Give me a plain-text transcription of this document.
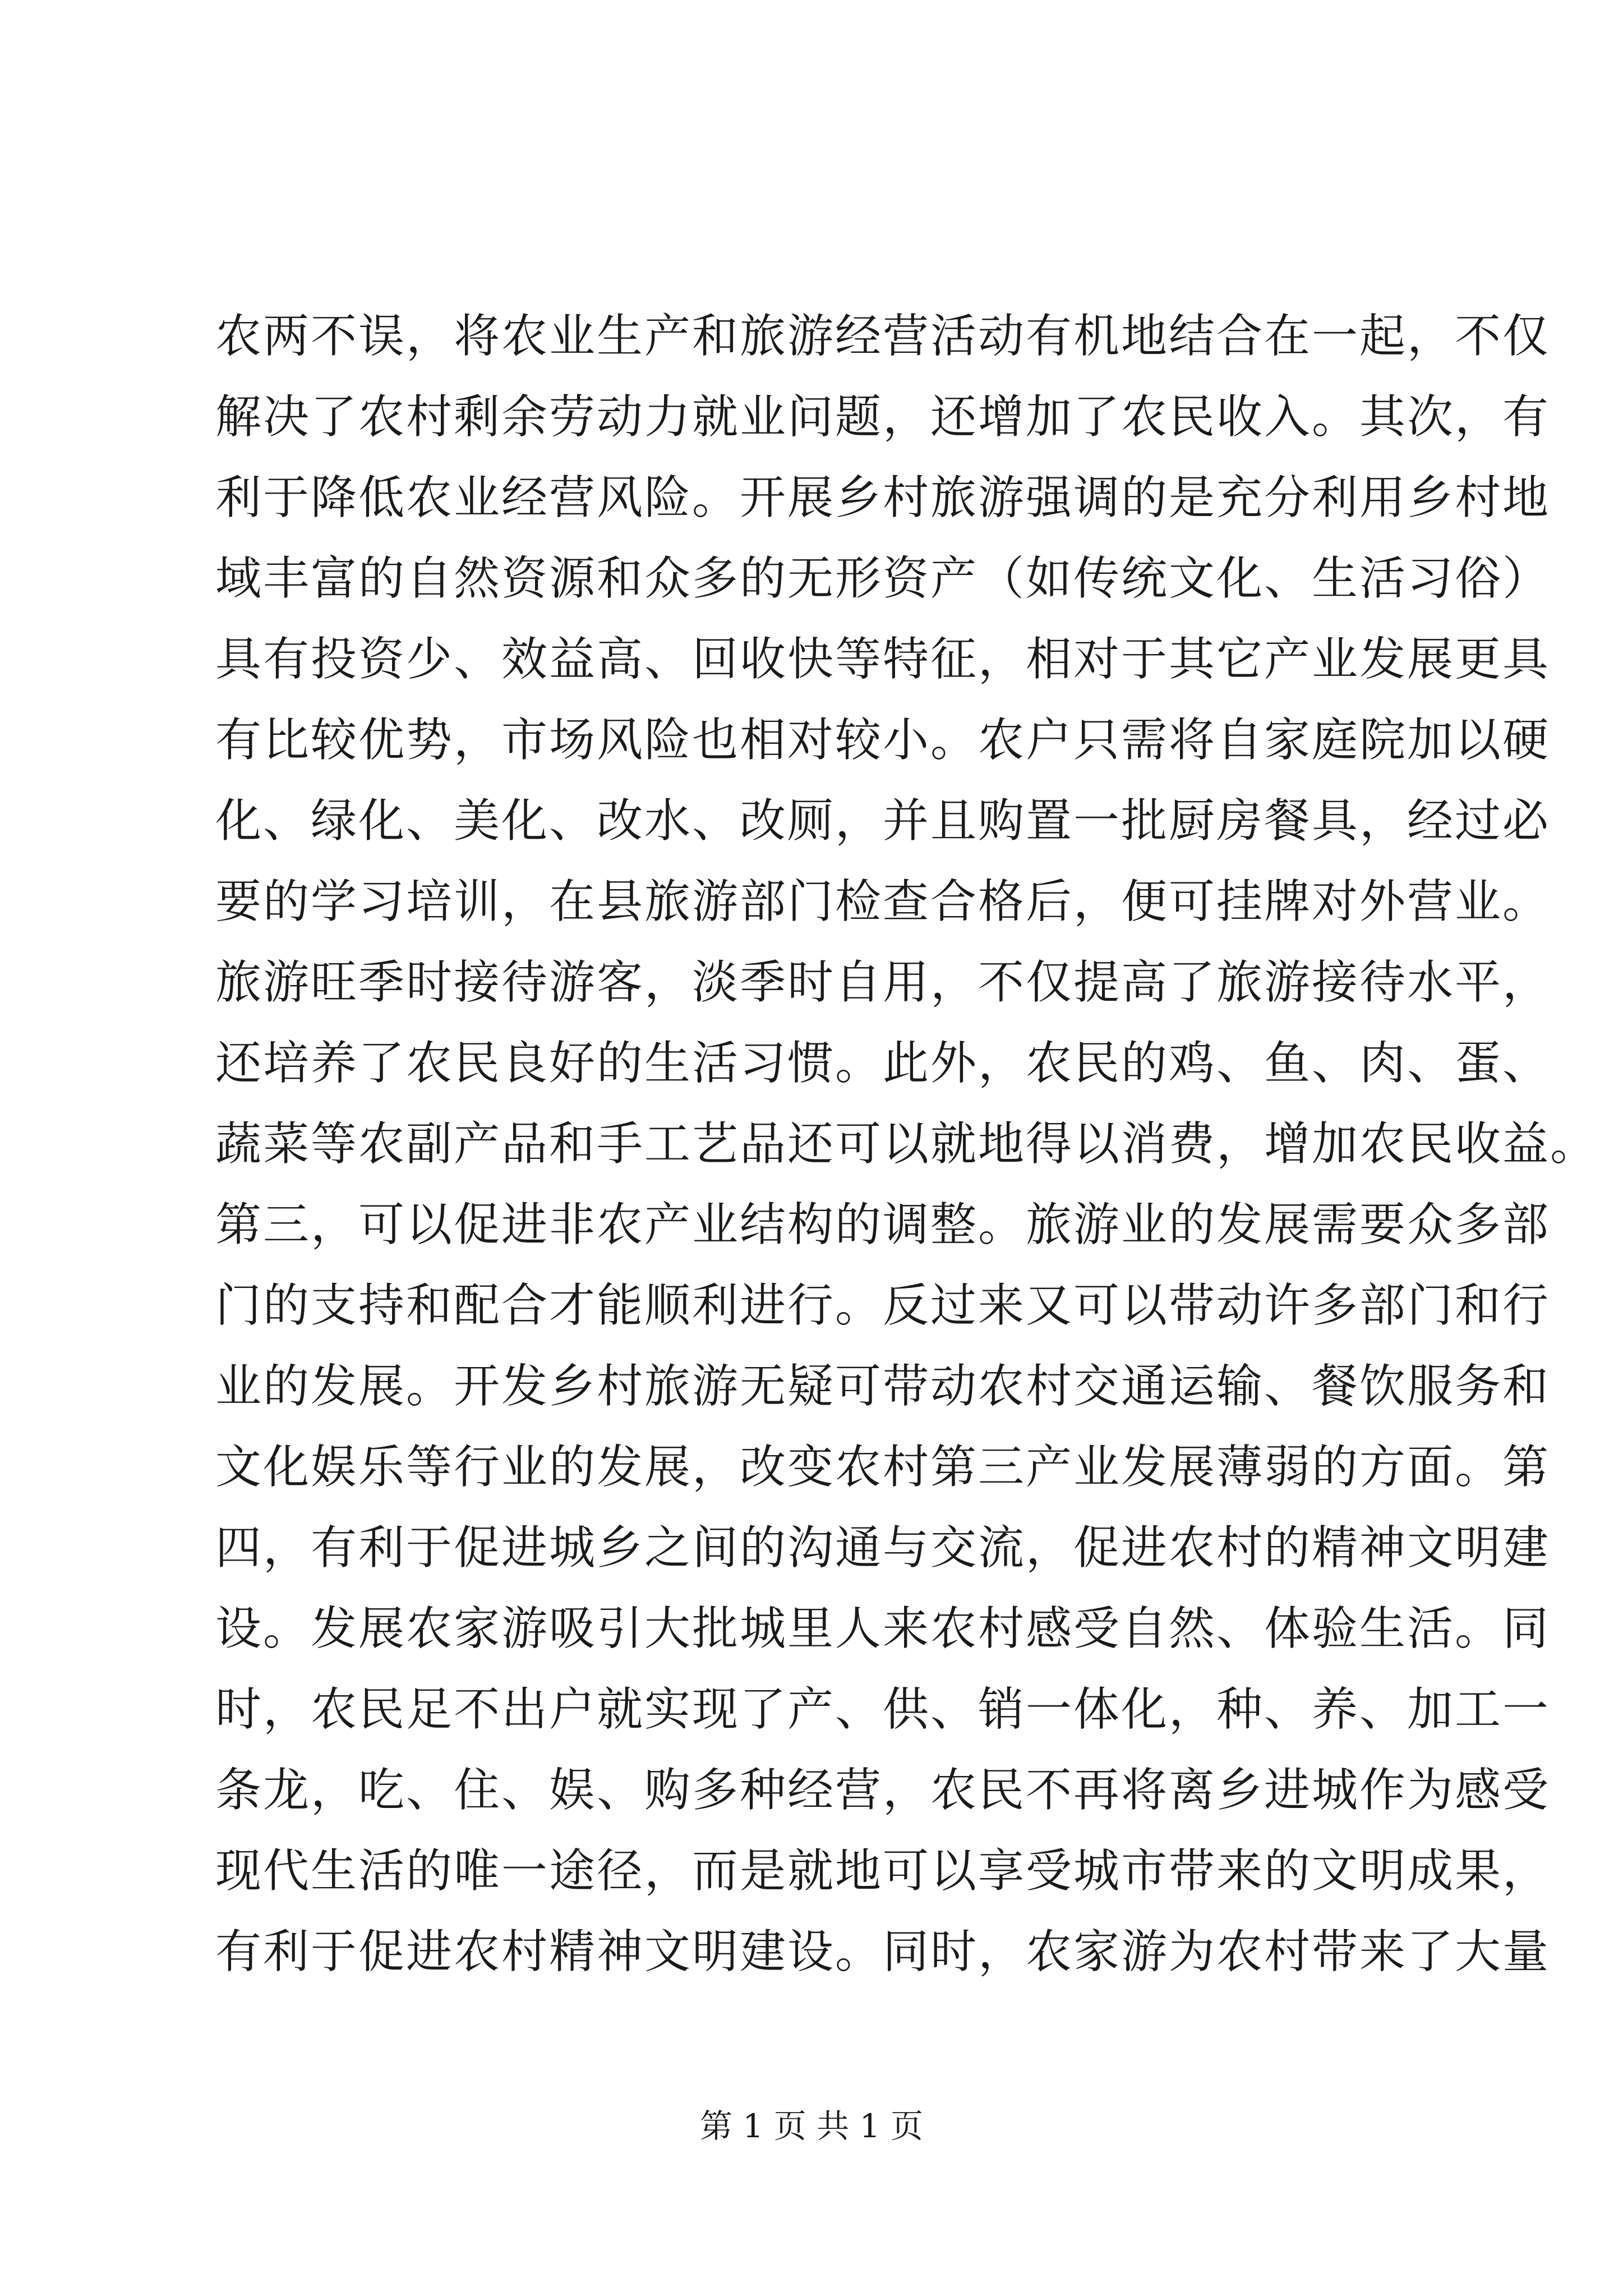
农两不误，将农业生产和旅游经营活动有机地结合在一起，不仅
解决了农村剩余劳动力就业问题，还增加了农民收入。其次，有
利于降低农业经营风险。开展乡村旅游强调的是充分利用乡村地
域丰富的自然资源和众多的无形资产（如传统文化、生活习俗）
具有投资少、效益高、回收快等特征，相对于其它产业发展更具
有比较优势，市场风险也相对较小。农户只需将自家庭院加以硬
化、绿化、美化、改水、改厕，并且购置一批厨房餐具，经过必
要的学习培训，在县旅游部门检查合格后，便可挂牌对外营业。
旅游旺季时接待游客，淡季时自用，不仅提高了旅游接待水平，
还培养了农民良好的生活习惯。此外，农民的鸡、鱼、肉、蛋、
蔬菜等农副产品和手工艺品还可以就地得以消费，增加农民收益。
第三，可以促进非农产业结构的调整。旅游业的发展需要众多部
门的支持和配合才能顺利进行。反过来又可以带动许多部门和行
业的发展。开发乡村旅游无疑可带动农村交通运输、餐饮服务和
文化娱乐等行业的发展，改变农村第三产业发展薄弱的方面。第
四，有利于促进城乡之间的沟通与交流，促进农村的精神文明建
设。发展农家游吸引大批城里人来农村感受自然、体验生活。同
时，农民足不出户就实现了产、供、销一体化，种、养、加工一
条龙，吃、住、娱、购多种经营，农民不再将离乡进城作为感受
现代生活的唯一途径，而是就地可以享受城市带来的文明成果，
有利于促进农村精神文明建设。同时，农家游为农村带来了大量
第 1 页 共 1 页
